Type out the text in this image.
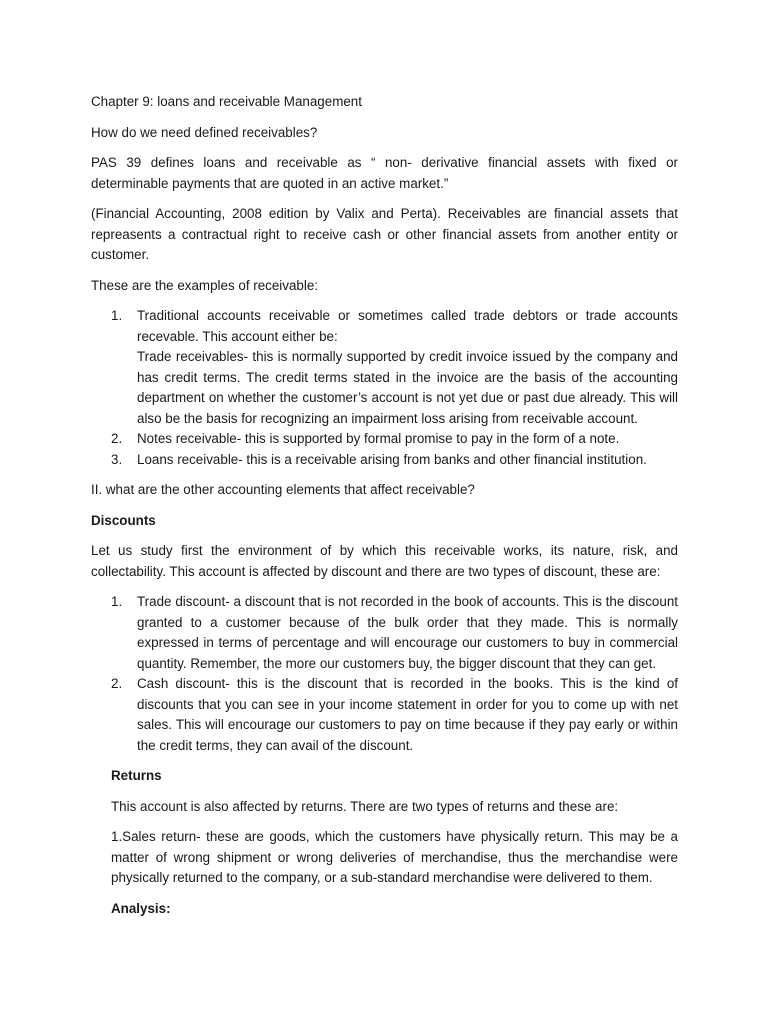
Chapter 9: loans and receivable Management

How do we need defined receivables?

PAS 39 defines loans and receivable as “ non- derivative financial assets with fixed or determinable payments that are quoted in an active market.”

(Financial Accounting, 2008 edition by Valix and Perta). Receivables are financial assets that repreasents a contractual right to receive cash or other financial assets from another entity or customer.

These are the examples of receivable:

1. Traditional accounts receivable or sometimes called trade debtors or trade accounts recevable. This account either be:
Trade receivables- this is normally supported by credit invoice issued by the company and has credit terms. The credit terms stated in the invoice are the basis of the accounting department on whether the customer’s account is not yet due or past due already. This will also be the basis for recognizing an impairment loss arising from receivable account.
2. Notes receivable- this is supported by formal promise to pay in the form of a note.
3. Loans receivable- this is a receivable arising from banks and other financial institution.

II. what are the other accounting elements that affect receivable?

Discounts

Let us study first the environment of by which this receivable works, its nature, risk, and collectability. This account is affected by discount and there are two types of discount, these are:

1. Trade discount- a discount that is not recorded in the book of accounts. This is the discount granted to a customer because of the bulk order that they made. This is normally expressed in terms of percentage and will encourage our customers to buy in commercial quantity. Remember, the more our customers buy, the bigger discount that they can get.
2. Cash discount- this is the discount that is recorded in the books. This is the kind of discounts that you can see in your income statement in order for you to come up with net sales. This will encourage our customers to pay on time because if they pay early or within the credit terms, they can avail of the discount.

Returns

This account is also affected by returns. There are two types of returns and these are:

1.Sales return- these are goods, which the customers have physically return. This may be a matter of wrong shipment or wrong deliveries of merchandise, thus the merchandise were physically returned to the company, or a sub-standard merchandise were delivered to them.

Analysis:
